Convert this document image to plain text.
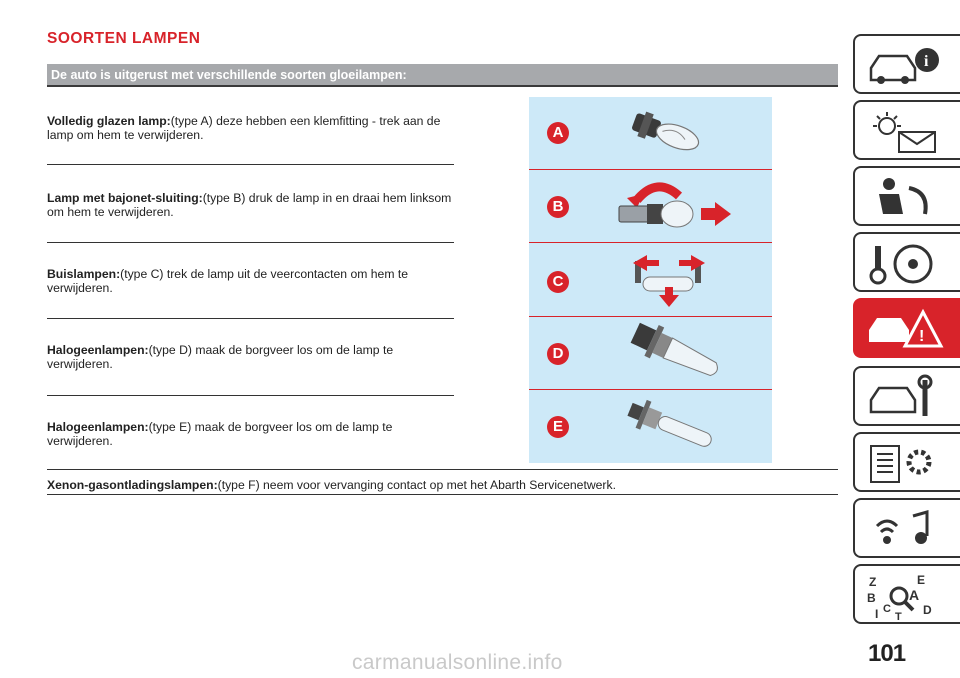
SOORTEN LAMPEN
De auto is uitgerust met verschillende soorten gloeilampen:
Volledig glazen lamp:(type A) deze hebben een klemfitting - trek aan de lamp om hem te verwijderen.
Lamp met bajonet-sluiting:(type B) druk de lamp in en draai hem linksom om hem te verwijderen.
Buislampen:(type C) trek de lamp uit de veercontacten om hem te verwijderen.
Halogeenlampen:(type D) maak de borgveer los om de lamp te verwijderen.
Halogeenlampen:(type E) maak de borgveer los om de lamp te verwijderen.
Xenon-gasontladingslampen:(type F) neem voor vervanging contact op met het Abarth Servicenetwerk.
A
B
C
D
E
i
!
Z	E
A
B
C	D
I T
101
carmanualsonline.info
